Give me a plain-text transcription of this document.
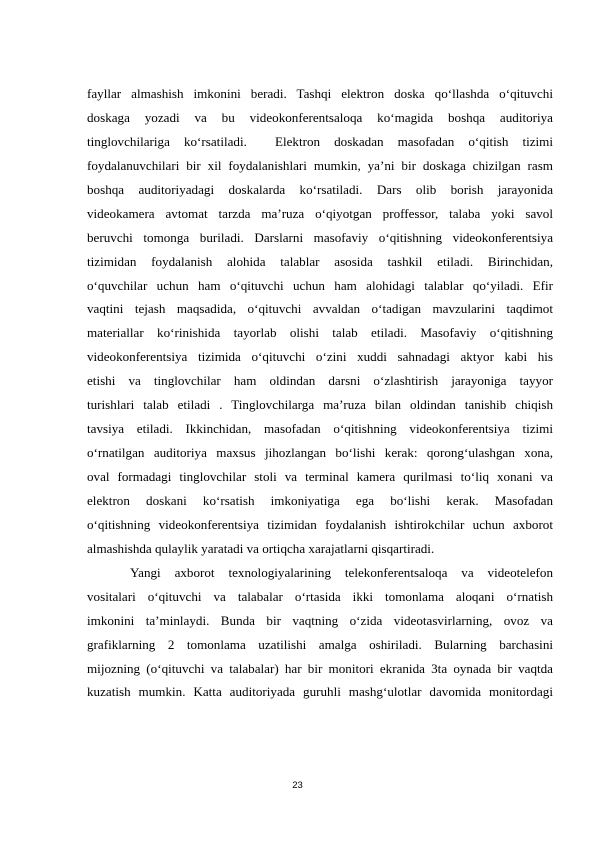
fayllar almashish imkonini beradi. Tashqi elektron doska qo‘llashda o‘qituvchi
doskaga yozadi va bu videokonferentsaloqa ko‘magida boshqa auditoriya
tinglovchilariga ko‘rsatiladi.  Elektron doskadan masofadan o‘qitish tizimi
foydalanuvchilari bir xil foydalanishlari mumkin, ya’ni bir doskaga chizilgan rasm
boshqa auditoriyadagi doskalarda ko‘rsatiladi. Dars olib borish jarayonida
videokamera avtomat tarzda ma’ruza o‘qiyotgan proffessor, talaba yoki savol
beruvchi tomonga buriladi. Darslarni masofaviy o‘qitishning videokonferentsiya
tizimidan foydalanish alohida talablar asosida tashkil etiladi. Birinchidan,
o‘quvchilar uchun ham o‘qituvchi uchun ham alohidagi talablar qo‘yiladi. Efir
vaqtini tejash maqsadida, o‘qituvchi avvaldan o‘tadigan mavzularini taqdimot
materiallar ko‘rinishida tayorlab olishi talab etiladi. Masofaviy o‘qitishning
videokonferentsiya tizimida o‘qituvchi o‘zini xuddi sahnadagi aktyor kabi his
etishi va tinglovchilar ham oldindan darsni o‘zlashtirish jarayoniga tayyor
turishlari talab etiladi . Tinglovchilarga ma’ruza bilan oldindan tanishib chiqish
tavsiya etiladi. Ikkinchidan, masofadan o‘qitishning videokonferentsiya tizimi
o‘rnatilgan auditoriya maxsus jihozlangan bo‘lishi kerak: qorong‘ulashgan xona,
oval formadagi tinglovchilar stoli va terminal kamera qurilmasi to‘liq xonani va
elektron doskani ko‘rsatish imkoniyatiga ega bo‘lishi kerak. Masofadan
o‘qitishning videokonferentsiya tizimidan foydalanish ishtirokchilar uchun axborot
almashishda qulaylik yaratadi va ortiqcha xarajatlarni qisqartiradi.
Yangi axborot texnologiyalarining telekonferentsaloqa va videotelefon
vositalari o‘qituvchi va talabalar o‘rtasida ikki tomonlama aloqani o‘rnatish
imkonini ta’minlaydi. Bunda bir vaqtning o‘zida videotasvirlarning, ovoz va
grafiklarning 2 tomonlama uzatilishi amalga oshiriladi. Bularning barchasini
mijozning (o‘qituvchi va talabalar) har bir monitori ekranida 3ta oynada bir vaqtda
kuzatish mumkin. Katta auditoriyada guruhli mashg‘ulotlar davomida monitordagi
23
